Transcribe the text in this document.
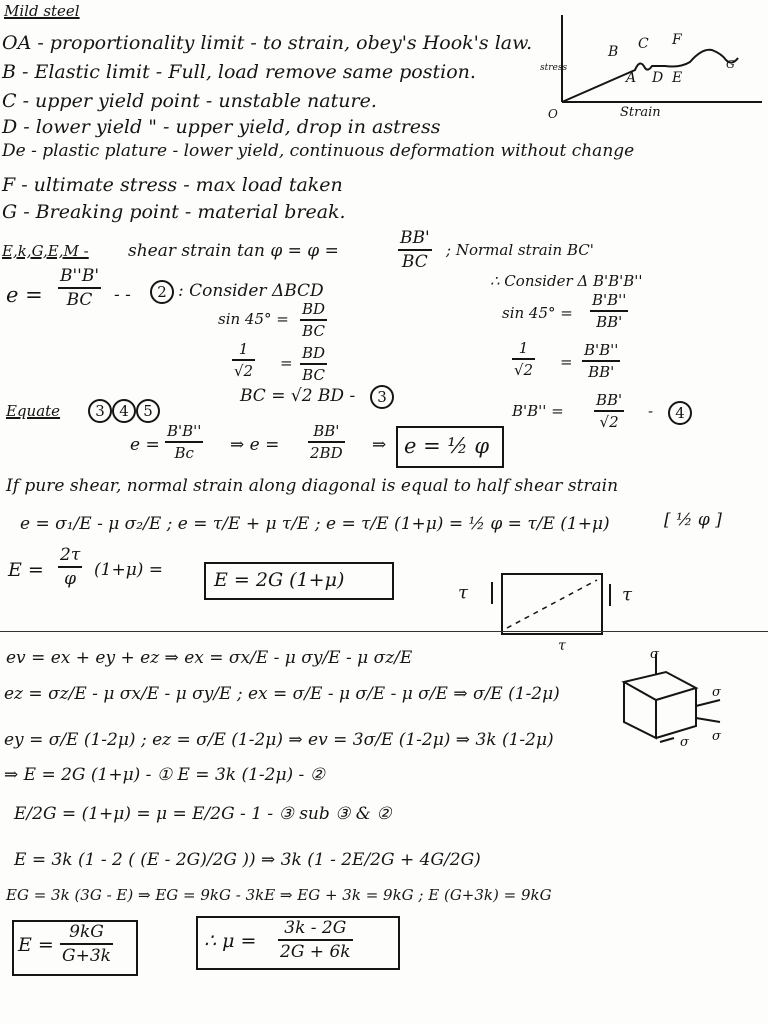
Mild steel
OA - proportionality limit - to strain, obey's Hook's law.
B - Elastic limit - Full, load remove same postion.
C - upper yield point - unstable nature.
D - lower yield " - upper yield, drop in astress
De - plastic plature - lower yield, continuous deformation without change
F - ultimate stress - max load taken
G - Breaking point - material break.
stress
O	Strain
B C F
A D E
G
E,k,G,E,M - shear strain tan φ = φ =	$\frac{BB'}{BC}$ ; Normal strain BC'
$e = \frac{B''B'}{BC}$ - -	2 : Consider ΔBCD
$\sin 45^\circ = \frac{BD}{BC}$
$\frac{1}{√2} = \frac{BD}{BC}$
BC = √2 BD -	3
∴ Consider Δ B'B'B''
$\sin 45^\circ = \frac{B'B''}{BB'}$
$\frac{1}{√2} = \frac{B'B''}{BB'}$
$B'B'' = \frac{BB'}{√2}$ -	4
Equate	3 4 5
$e = \frac{B'B''}{Bc}$ ⇒ $e = \frac{BB'}{2BD}$ ⇒ e = ½ φ
If pure shear, normal strain along diagonal is equal to half shear strain
[ ½ φ ]
e = σ₁/E - μ σ₂/E ; e = τ/E + μ τ/E ; e = τ/E (1+μ) = ½ φ = τ/E (1+μ)
$E = \frac{2\tau}{\varphi} (1+\mu)$ =	E = 2G (1+μ)
τ	τ
τ
ev = ex + ey + ez ⇒ ex = σx/E - μ σy/E - μ σz/E
ez = σz/E - μ σx/E - μ σy/E ; ex = σ/E - μ σ/E - μ σ/E ⇒ σ/E (1-2μ)
ey = σ/E (1-2μ) ; ez = σ/E (1-2μ) ⇒ ev = 3σ/E (1-2μ) ⇒ 3k (1-2μ)
⇒ E = 2G (1+μ) - ① E = 3k (1-2μ) - ②
E/2G = (1+μ) = μ = E/2G - 1 - ③ sub ③ & ②
E = 3k (1 - 2 ( (E - 2G)/2G )) ⇒ 3k (1 - 2E/2G + 4G/2G)
EG = 3k (3G - E) ⇒ EG = 9kG - 3kE ⇒ EG + 3k = 9kG ; E (G+3k) = 9kG
σ
σ
σ
σ
$E = \frac{9kG}{G+3k}$	∴ $\mu = \frac{3k - 2G}{2G + 6k}$
